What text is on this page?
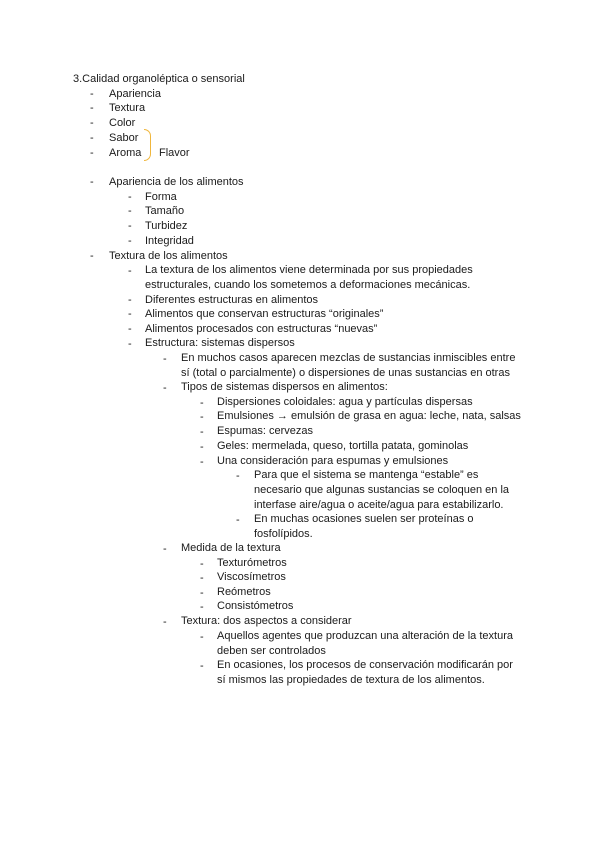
3.Calidad organoléptica o sensorial
- Apariencia
- Textura
- Color
- Sabor
- Aroma Flavor
- Apariencia de los alimentos
- Forma
- Tamaño
- Turbidez
- Integridad
- Textura de los alimentos
- La textura de los alimentos viene determinada por sus propiedades
estructurales, cuando los sometemos a deformaciones mecánicas.
- Diferentes estructuras en alimentos
- Alimentos que conservan estructuras “originales”
- Alimentos procesados con estructuras “nuevas”
- Estructura: sistemas dispersos
- En muchos casos aparecen mezclas de sustancias inmiscibles entre
sí (total o parcialmente) o dispersiones de unas sustancias en otras
- Tipos de sistemas dispersos en alimentos:
- Dispersiones coloidales: agua y partículas dispersas
- Emulsiones → emulsión de grasa en agua: leche, nata, salsas
- Espumas: cervezas
- Geles: mermelada, queso, tortilla patata, gominolas
- Una consideración para espumas y emulsiones
- Para que el sistema se mantenga “estable” es
necesario que algunas sustancias se coloquen en la
interfase aire/agua o aceite/agua para estabilizarlo.
- En muchas ocasiones suelen ser proteínas o
fosfolípidos.
- Medida de la textura
- Texturómetros
- Viscosímetros
- Reómetros
- Consistómetros
- Textura: dos aspectos a considerar
- Aquellos agentes que produzcan una alteración de la textura
deben ser controlados
- En ocasiones, los procesos de conservación modificarán por
sí mismos las propiedades de textura de los alimentos.
